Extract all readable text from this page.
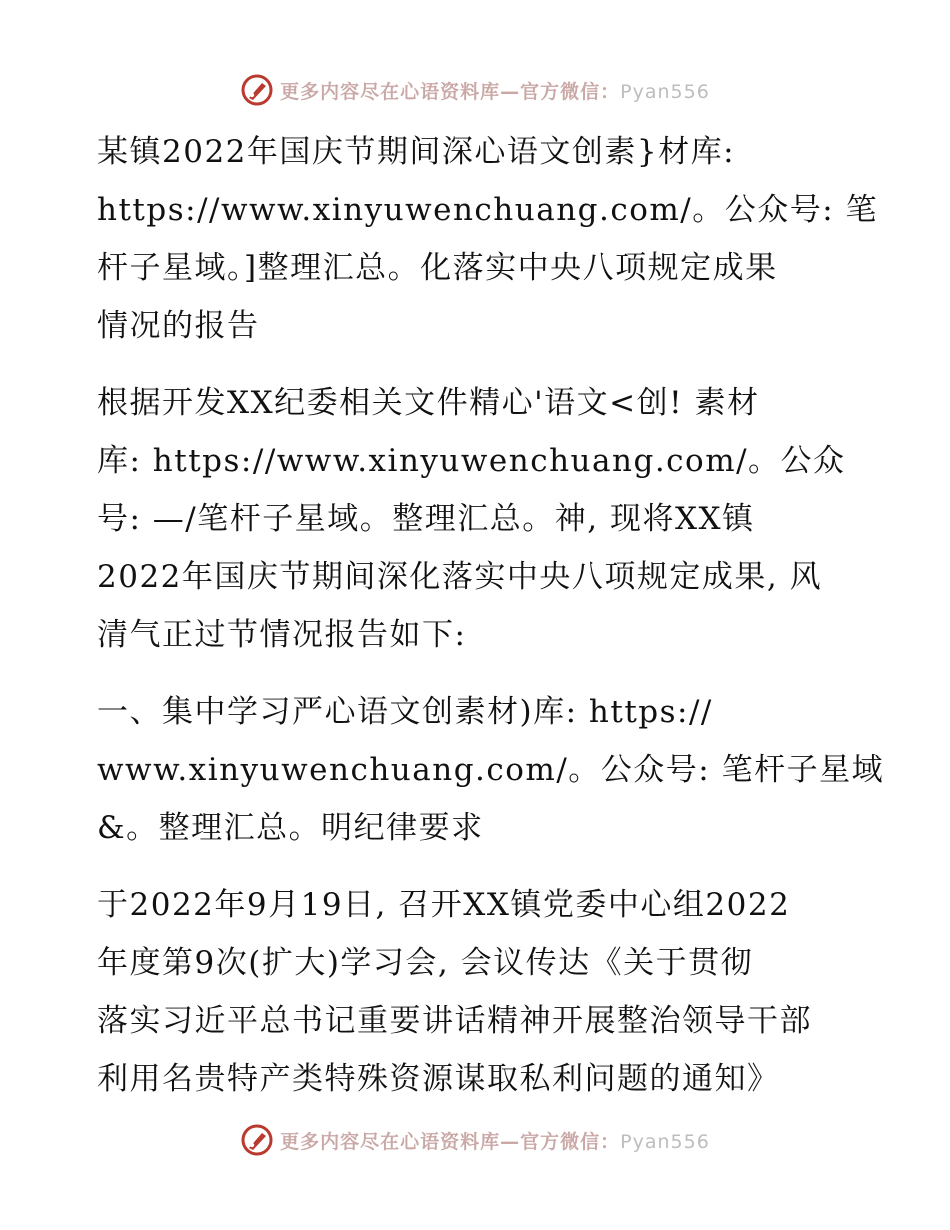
更多内容尽在心语资料库—官方微信：Pyan556
某镇2022年国庆节期间深心语文创素}材库:
https://www.xinyuwenchuang.com/。公众号: 笔
杆子星域。]整理汇总。化落实中央八项规定成果
情况的报告
根据开发XX纪委相关文件精心'语文<创! 素材
库: https://www.xinyuwenchuang.com/。公众
号: —/笔杆子星域。整理汇总。神, 现将XX镇
2022年国庆节期间深化落实中央八项规定成果, 风
清气正过节情况报告如下:
一、集中学习严心语文创素材)库: https://
www.xinyuwenchuang.com/。公众号: 笔杆子星域
&。整理汇总。明纪律要求
于2022年9月19日, 召开XX镇党委中心组2022
年度第9次(扩大)学习会, 会议传达《关于贯彻
落实习近平总书记重要讲话精神开展整治领导干部
利用名贵特产类特殊资源谋取私利问题的通知》
更多内容尽在心语资料库—官方微信：Pyan556
